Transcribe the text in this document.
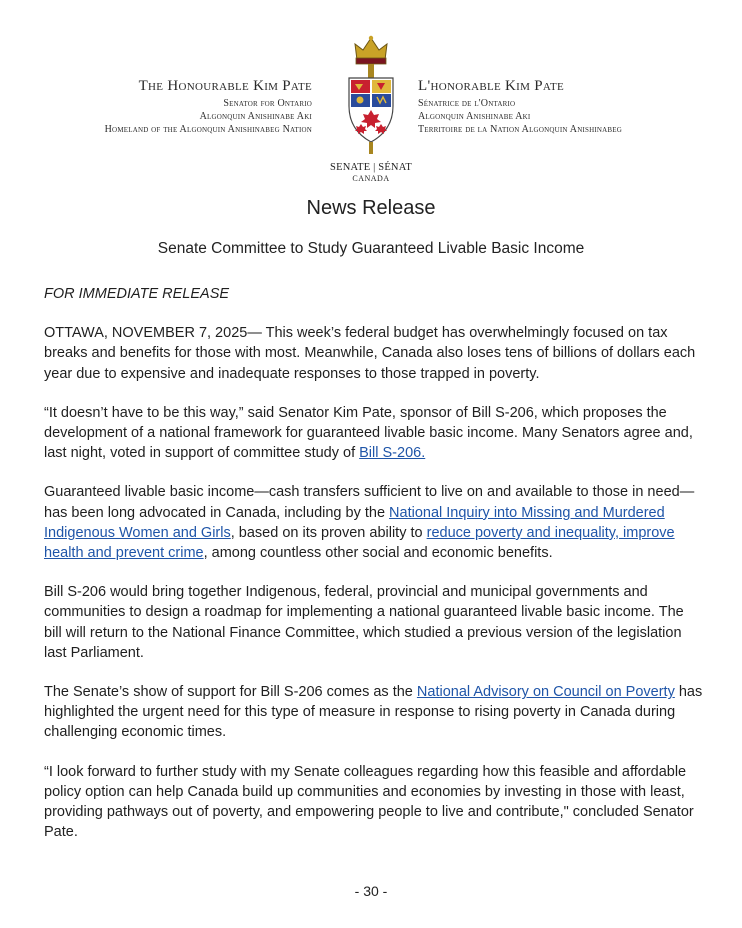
The Honourable Kim Pate
Senator for Ontario
Algonquin Anishinabe Aki
Homeland of the Algonquin Anishinabeg Nation
SENATE | SÉNAT
CANADA
L'honorable Kim Pate
Sénatrice de l'Ontario
Algonquin Anishinabe Aki
Territoire de la Nation Algonquin Anishinabeg
News Release
Senate Committee to Study Guaranteed Livable Basic Income

FOR IMMEDIATE RELEASE

OTTAWA, NOVEMBER 7, 2025— This week’s federal budget has overwhelmingly focused on tax breaks and benefits for those with most. Meanwhile, Canada also loses tens of billions of dollars each year due to expensive and inadequate responses to those trapped in poverty.

“It doesn’t have to be this way,” said Senator Kim Pate, sponsor of Bill S-206, which proposes the development of a national framework for guaranteed livable basic income. Many Senators agree and, last night, voted in support of committee study of Bill S-206.

Guaranteed livable basic income—cash transfers sufficient to live on and available to those in need—has been long advocated in Canada, including by the National Inquiry into Missing and Murdered Indigenous Women and Girls, based on its proven ability to reduce poverty and inequality, improve health and prevent crime, among countless other social and economic benefits.

Bill S-206 would bring together Indigenous, federal, provincial and municipal governments and communities to design a roadmap for implementing a national guaranteed livable basic income. The bill will return to the National Finance Committee, which studied a previous version of the legislation last Parliament.

The Senate’s show of support for Bill S-206 comes as the National Advisory on Council on Poverty has highlighted the urgent need for this type of measure in response to rising poverty in Canada during challenging economic times.

“I look forward to further study with my Senate colleagues regarding how this feasible and affordable policy option can help Canada build up communities and economies by investing in those with least, providing pathways out of poverty, and empowering people to live and contribute," concluded Senator Pate.

- 30 -
